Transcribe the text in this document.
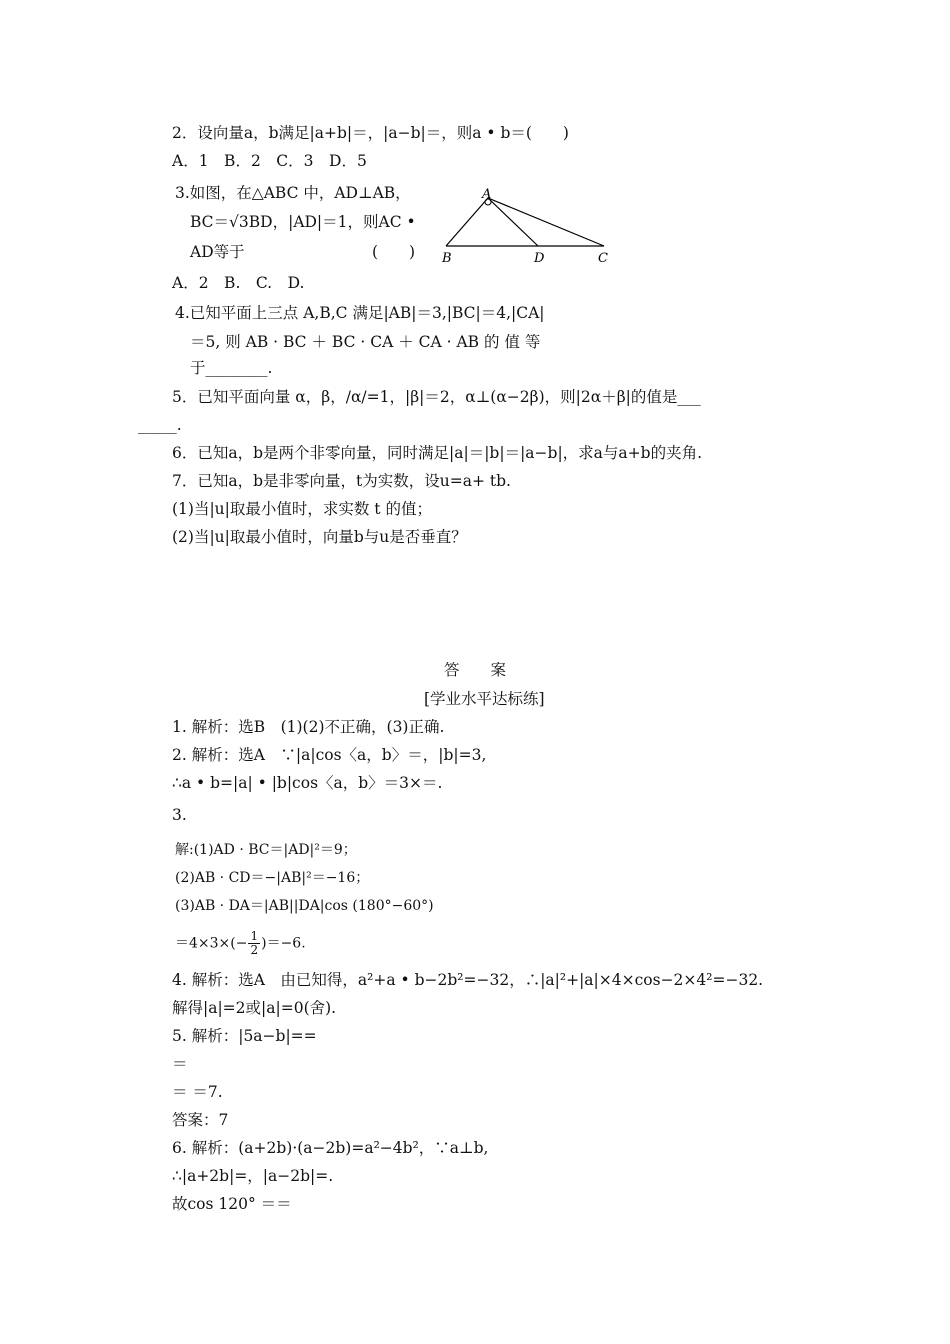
2．设向量a，b满足|a+b|＝，|a−b|＝，则a • b＝(　　)
A．1　B．2　C．3　D．5
3.如图，在△ABC 中，AD⊥AB，
BC＝√3BD，|AD|＝1，则AC •
AD等于	(　　)
A
B	D	C
A．2　B.　C.　D.
4.已知平面上三点 A,B,C 满足|AB|＝3,|BC|＝4,|CA|
＝5, 则 AB · BC ＋ BC · CA ＋ CA · AB 的 值 等
于________.
5．已知平面向量 α，β，/α/=1，|β|＝2，α⊥(α−2β)，则|2α＋β|的值是___
_____.
6．已知a，b是两个非零向量，同时满足|a|＝|b|＝|a−b|，求a与a+b的夹角.
7．已知a，b是非零向量，t为实数，设u=a+ tb.
(1)当|u|取最小值时，求实数 t 的值；
(2)当|u|取最小值时，向量b与u是否垂直？
答　　案
[学业水平达标练]
1. 解析：选B　(1)(2)不正确，(3)正确.
2. 解析：选A　∵|a|cos〈a，b〉＝，|b|=3,
∴a • b=|a| • |b|cos〈a，b〉＝3×＝.
3.
解:(1)AD · BC＝|AD|²＝9；
(2)AB · CD＝−|AB|²＝−16；
(3)AB · DA＝|AB||DA|cos (180°−60°)
$=4\times 3\times(- \frac{1}{2} )=-6$.
4. 解析：选A　由已知得，a²+a • b−2b²=−32，∴|a|²+|a|×4×cos−2×4²=−32.
解得|a|=2或|a|=0(舍).
5. 解析：|5a−b|==
＝
＝ ＝7.
答案：7
6. 解析：(a+2b)·(a−2b)=a²−4b²，∵a⊥b,
∴|a+2b|=，|a−2b|=.
故cos 120° ＝＝
